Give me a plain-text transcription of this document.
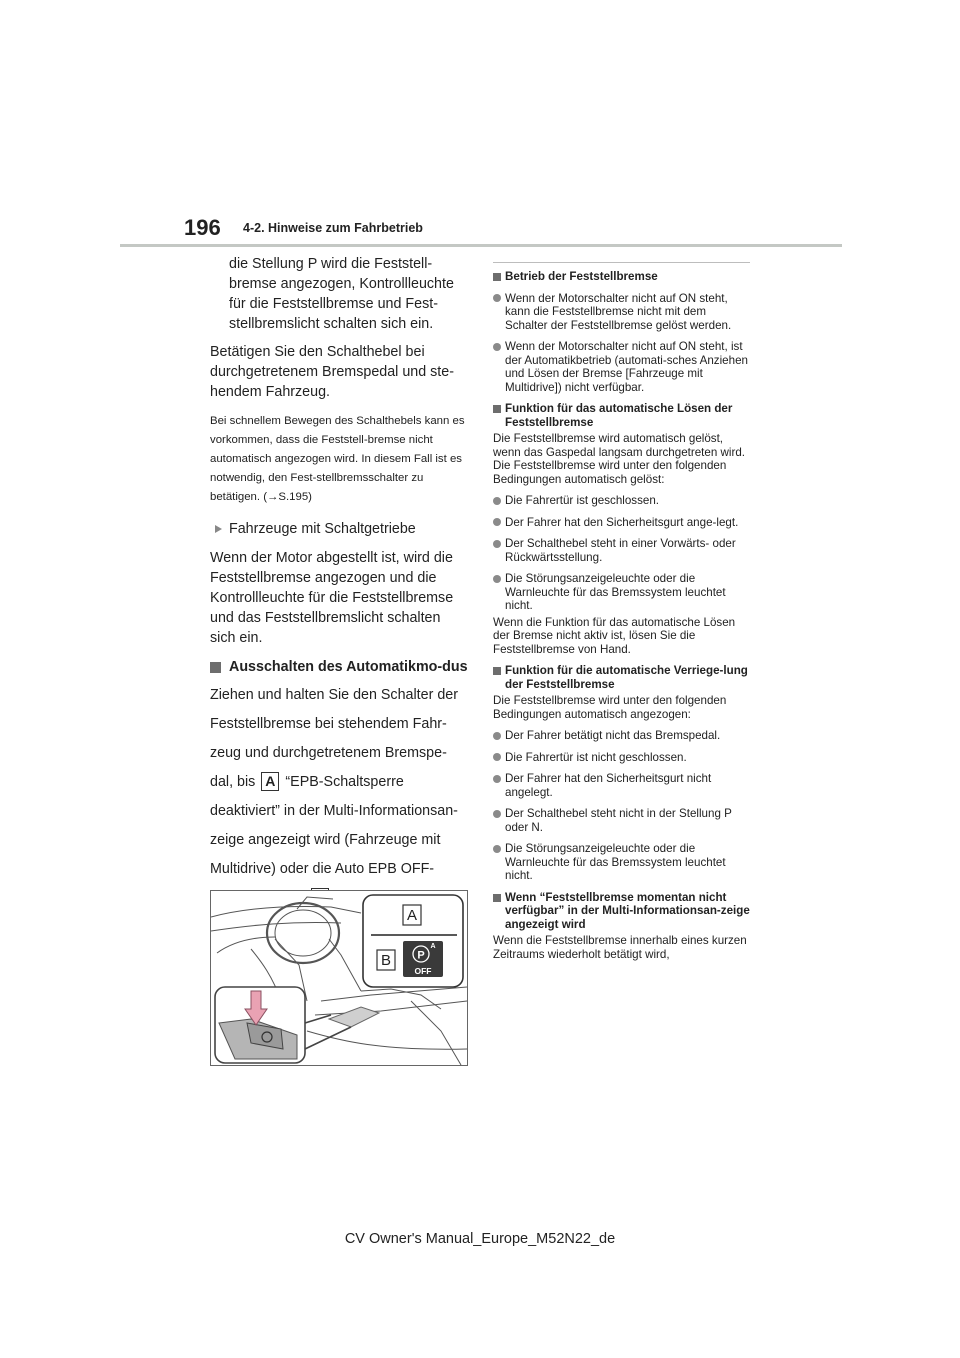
196 4-2. Hinweise zum Fahrbetrieb

die Stellung P wird die Feststell-bremse angezogen, Kontrollleuchte für die Feststellbremse und Fest-stellbremslicht schalten sich ein.

Betätigen Sie den Schalthebel bei durchgetretenem Bremspedal und ste-hendem Fahrzeug.

Bei schnellem Bewegen des Schalthebels kann es vorkommen, dass die Feststell-bremse nicht automatisch angezogen wird. In diesem Fall ist es notwendig, den Fest-stellbremsschalter zu betätigen. (→S.195)

Fahrzeuge mit Schaltgetriebe

Wenn der Motor abgestellt ist, wird die Feststellbremse angezogen und die Kontrollleuchte für die Feststellbremse und das Feststellbremslicht schalten sich ein.

Ausschalten des Automatikmo-dus

Ziehen und halten Sie den Schalter der Feststellbremse bei stehendem Fahr-zeug und durchgetretenem Bremspe-dal, bis A “EPB-Schaltsperre deaktiviert” in der Multi-Informationsan-zeige angezeigt wird (Fahrzeuge mit Multidrive) oder die Auto EPB OFF-

A
B P
A
OFF

Betrieb der Feststellbremse

Wenn der Motorschalter nicht auf ON steht, kann die Feststellbremse nicht mit dem Schalter der Feststellbremse gelöst werden.

Wenn der Motorschalter nicht auf ON steht, ist der Automatikbetrieb (automati-sches Anziehen und Lösen der Bremse [Fahrzeuge mit Multidrive]) nicht verfügbar.

Funktion für das automatische Lösen der Feststellbremse

Die Feststellbremse wird automatisch gelöst, wenn das Gaspedal langsam durchgetreten wird.

Die Feststellbremse wird unter den folgenden Bedingungen automatisch gelöst:

Die Fahrertür ist geschlossen.

Der Fahrer hat den Sicherheitsgurt ange-legt.

Der Schalthebel steht in einer Vorwärts- oder Rückwärtsstellung.

Die Störungsanzeigeleuchte oder die Warnleuchte für das Bremssystem leuchtet nicht.

Wenn die Funktion für das automatische Lösen der Bremse nicht aktiv ist, lösen Sie die Feststellbremse von Hand.

Funktion für die automatische Verriege-lung der Feststellbremse

Die Feststellbremse wird unter den folgenden Bedingungen automatisch angezogen:

Der Fahrer betätigt nicht das Bremspedal.

Die Fahrertür ist nicht geschlossen.

Der Fahrer hat den Sicherheitsgurt nicht angelegt.

Der Schalthebel steht nicht in der Stellung P oder N.

Die Störungsanzeigeleuchte oder die Warnleuchte für das Bremssystem leuchtet nicht.

Wenn “Feststellbremse momentan nicht verfügbar” in der Multi-Informationsan-zeige angezeigt wird

Wenn die Feststellbremse innerhalb eines kurzen Zeitraums wiederholt betätigt wird,

CV Owner's Manual_Europe_M52N22_de
